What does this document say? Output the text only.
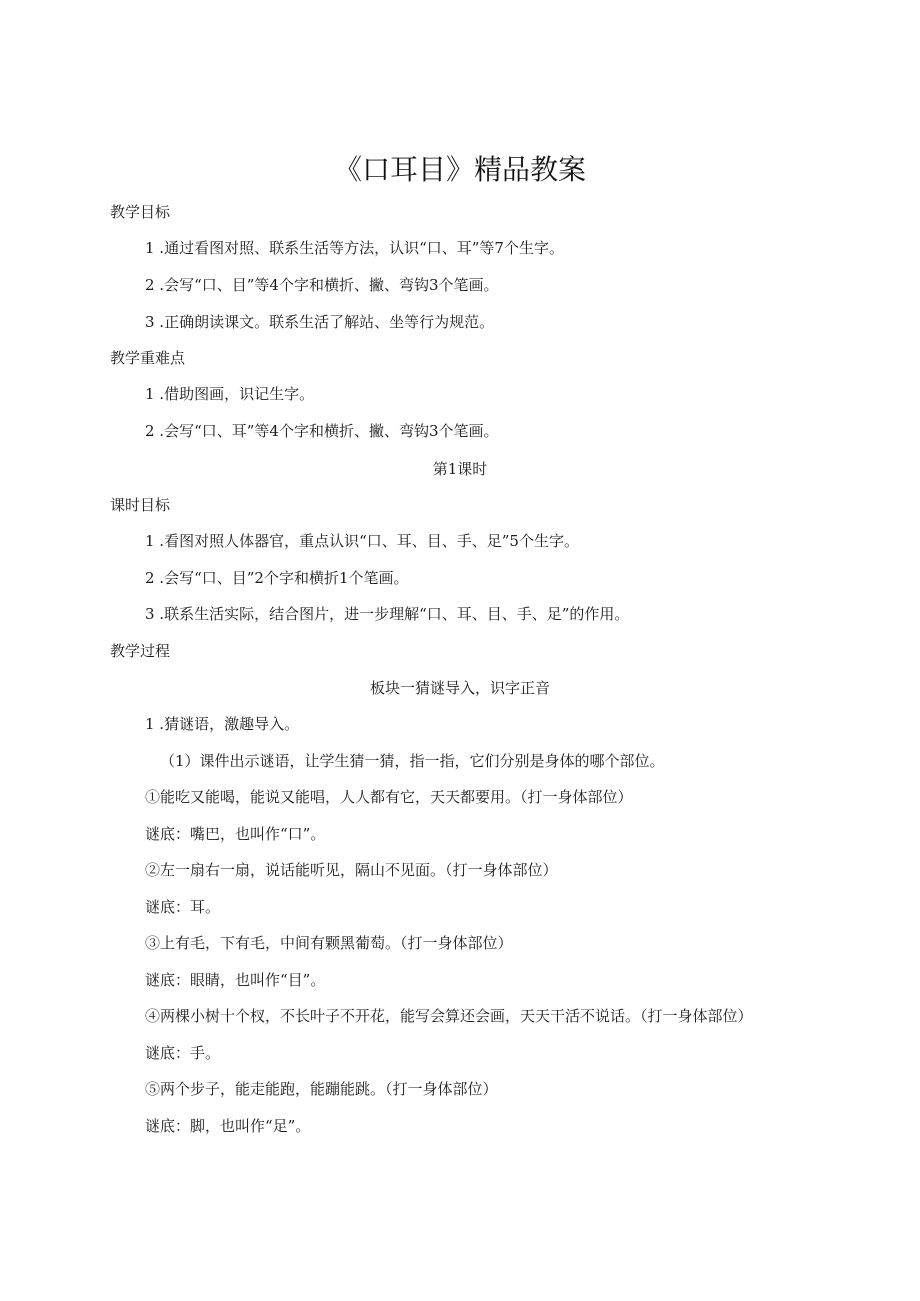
《口耳目》精品教案
教学目标
1 .通过看图对照、联系生活等方法，认识“口、耳”等7个生字。
2 .会写“口、目”等4个字和横折、撇、弯钩3个笔画。
3 .正确朗读课文。联系生活了解站、坐等行为规范。
教学重难点
1 .借助图画，识记生字。
2 .会写“口、耳”等4个字和横折、撇、弯钩3个笔画。
第1课时
课时目标
1 .看图对照人体器官，重点认识“口、耳、目、手、足”5个生字。
2 .会写“口、目”2个字和横折1个笔画。
3 .联系生活实际，结合图片，进一步理解“口、耳、目、手、足”的作用。
教学过程
板块一猜谜导入，识字正音
1 .猜谜语，激趣导入。
（1）课件出示谜语，让学生猜一猜，指一指，它们分别是身体的哪个部位。
①能吃又能喝，能说又能唱，人人都有它，天天都要用。（打一身体部位）
谜底：嘴巴，也叫作“口”。
②左一扇右一扇，说话能听见，隔山不见面。（打一身体部位）
谜底：耳。
③上有毛，下有毛，中间有颗黑葡萄。（打一身体部位）
谜底：眼睛，也叫作“目”。
④两棵小树十个杈，不长叶子不开花，能写会算还会画，天天干活不说话。（打一身体部位）
谜底：手。
⑤两个步子，能走能跑，能蹦能跳。（打一身体部位）
谜底：脚，也叫作“足”。
